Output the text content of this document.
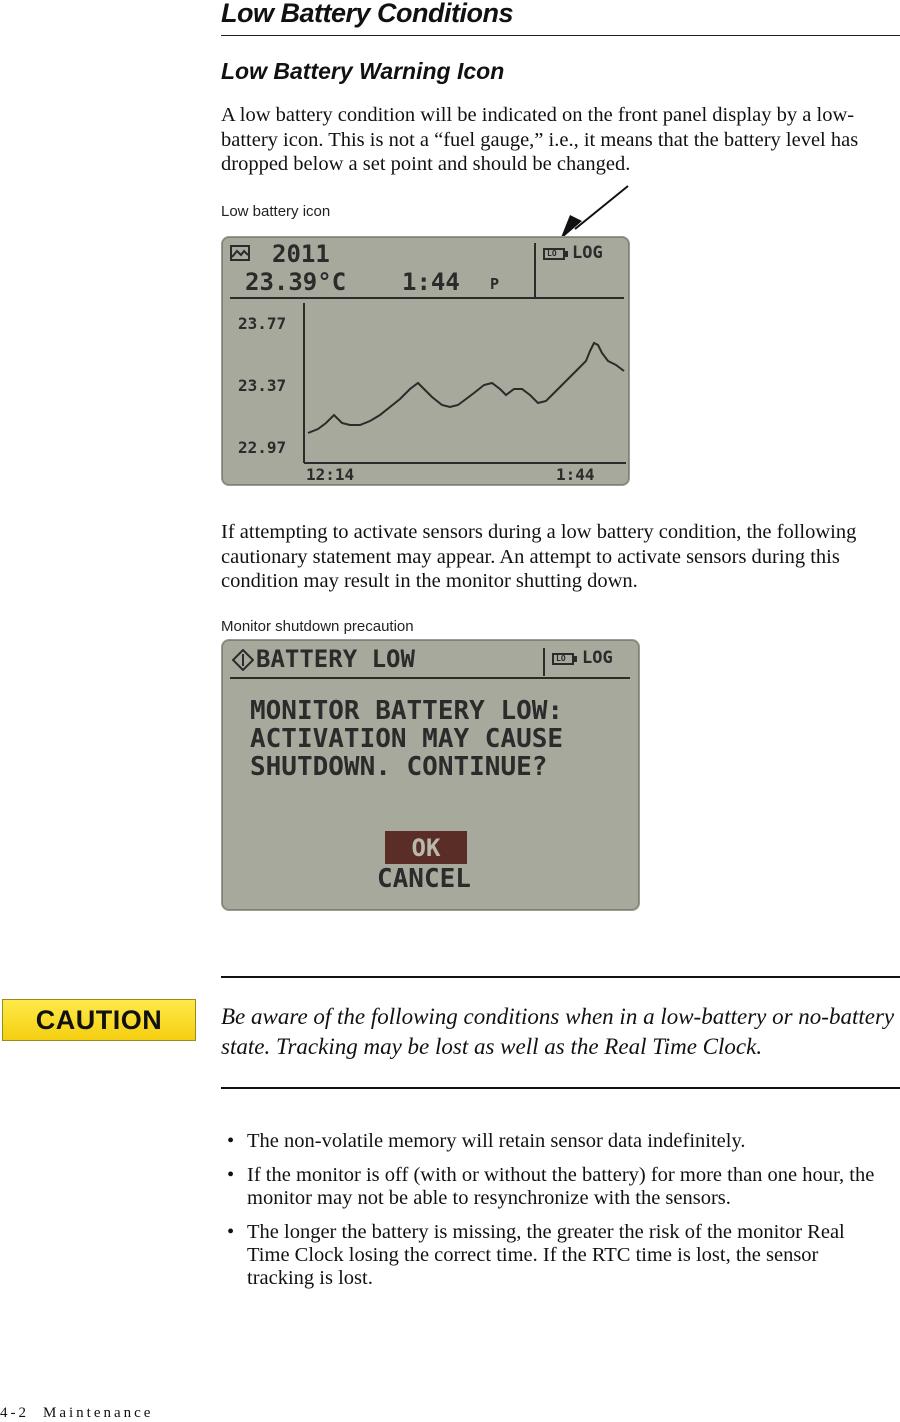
Low Battery Conditions
Low Battery Warning Icon
A low battery condition will be indicated on the front panel display by a low-battery icon. This is not a “fuel gauge,” i.e., it means that the battery level has dropped below a set point and should be changed.
Low battery icon
2011
23.39°C 1:44 P
LO LOG
23.77
23.37
22.97
12:14	1:44
If attempting to activate sensors during a low battery condition, the following cautionary statement may appear. An attempt to activate sensors during this condition may result in the monitor shutting down.
Monitor shutdown precaution
BATTERY LOW	LO LOG
MONITOR BATTERY LOW:
ACTIVATION MAY CAUSE
SHUTDOWN. CONTINUE?
OK
CANCEL
CAUTION	Be aware of the following conditions when in a low-battery or no-battery state. Tracking may be lost as well as the Real Time Clock.
• The non-volatile memory will retain sensor data indefinitely.
• If the monitor is off (with or without the battery) for more than one hour, the monitor may not be able to resynchronize with the sensors.
• The longer the battery is missing, the greater the risk of the monitor Real Time Clock losing the correct time. If the RTC time is lost, the sensor tracking is lost.
4-2 Maintenance
